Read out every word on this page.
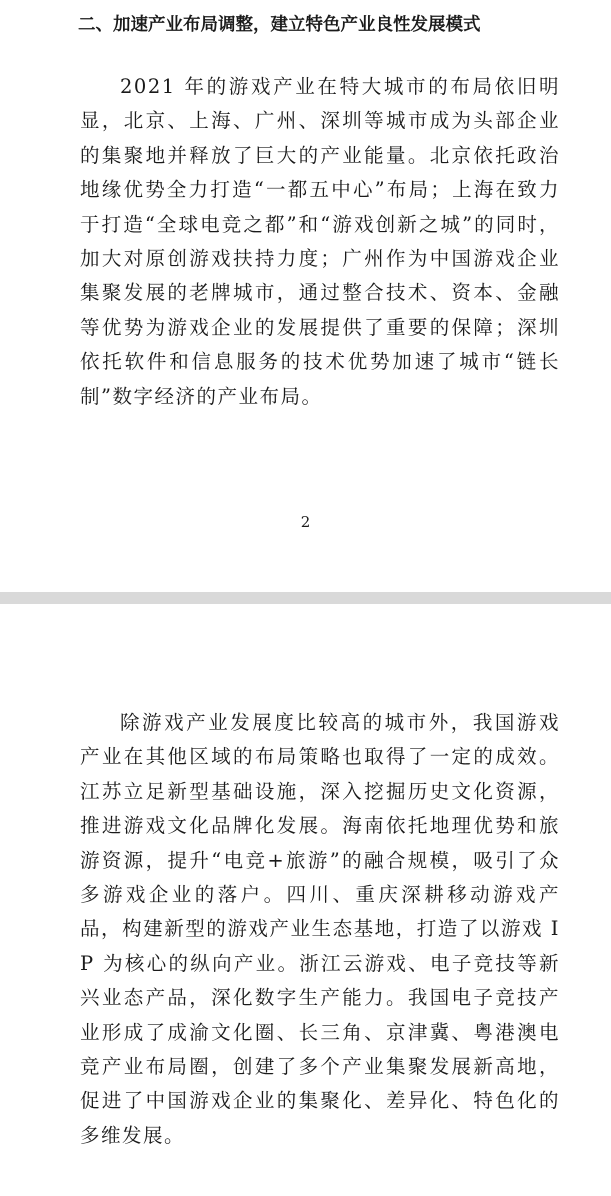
二、加速产业布局调整，建立特色产业良性发展模式

2021 年的游戏产业在特大城市的布局依旧明显，北京、上海、广州、深圳等城市成为头部企业的集聚地并释放了巨大的产业能量。北京依托政治地缘优势全力打造“一都五中心”布局；上海在致力于打造“全球电竞之都”和“游戏创新之城”的同时，加大对原创游戏扶持力度；广州作为中国游戏企业集聚发展的老牌城市，通过整合技术、资本、金融等优势为游戏企业的发展提供了重要的保障；深圳依托软件和信息服务的技术优势加速了城市“链长制”数字经济的产业布局。

2

除游戏产业发展度比较高的城市外，我国游戏产业在其他区域的布局策略也取得了一定的成效。江苏立足新型基础设施，深入挖掘历史文化资源，推进游戏文化品牌化发展。海南依托地理优势和旅游资源，提升“电竞+旅游”的融合规模，吸引了众多游戏企业的落户。四川、重庆深耕移动游戏产品，构建新型的游戏产业生态基地，打造了以游戏 IP 为核心的纵向产业。浙江云游戏、电子竞技等新兴业态产品，深化数字生产能力。我国电子竞技产业形成了成渝文化圈、长三角、京津冀、粤港澳电竞产业布局圈，创建了多个产业集聚发展新高地，促进了中国游戏企业的集聚化、差异化、特色化的多维发展。
